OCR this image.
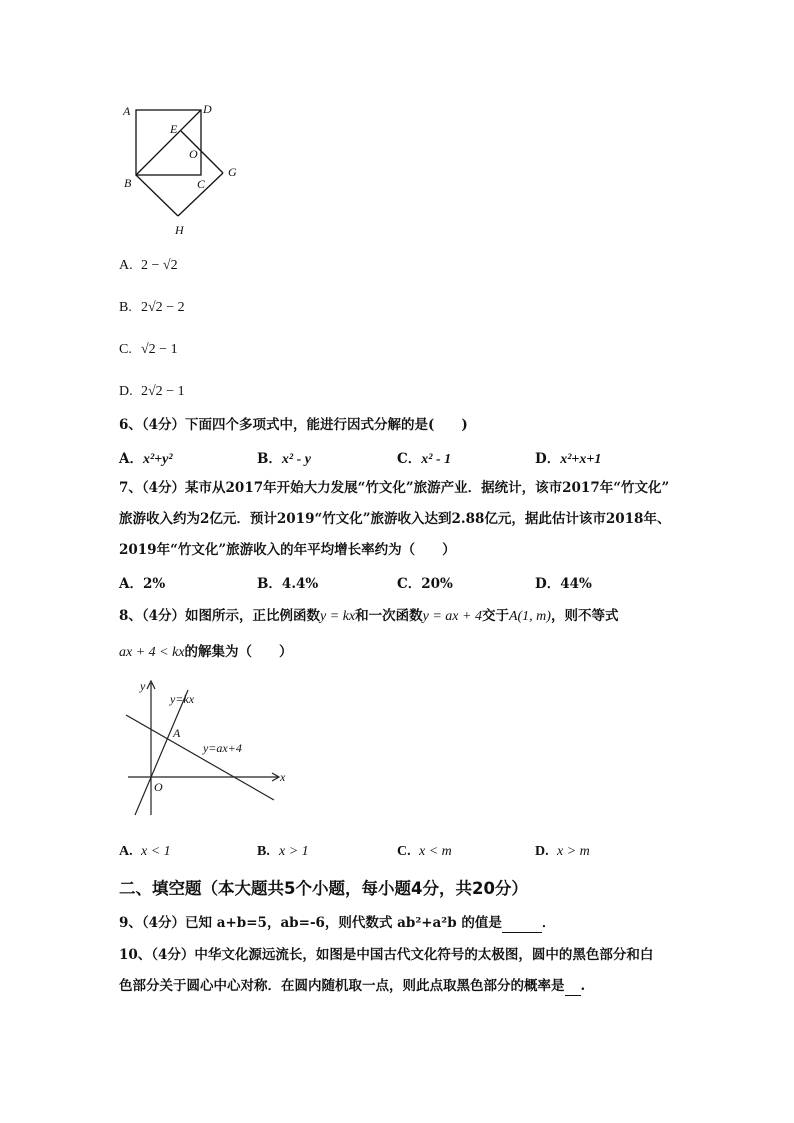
A	D
E
O
B	C
G
H
A. 2 − √2
B. 2√2 − 2
C. √2 − 1
D. 2√2 − 1
6、（4分）下面四个多项式中，能进行因式分解的是(　　)
A．x²+y²	B．x² - y	C．x² - 1	D．x²+x+1
7、（4分）某市从2017年开始大力发展“竹文化”旅游产业．据统计，该市2017年“竹文化”
旅游收入约为2亿元．预计2019“竹文化”旅游收入达到2.88亿元，据此估计该市2018年、
2019年“竹文化”旅游收入的年平均增长率约为（　　）
A．2%	B．4.4%	C．20%	D．44%
8、（4分）如图所示，正比例函数y = kx和一次函数y = ax + 4交于A(1, m)，则不等式
ax + 4 < kx的解集为（　　）
y
x
O
A
y=kx
y=ax+4
A. x < 1	B. x > 1	C. x < m	D. x > m
二、填空题（本大题共5个小题，每小题4分，共20分）
9、（4分）已知 a+b=5，ab=-6，则代数式 ab²+a²b 的值是	．
10、（4分）中华文化源远流长，如图是中国古代文化符号的太极图，圆中的黑色部分和白
色部分关于圆心中心对称．在圆内随机取一点，则此点取黑色部分的概率是 .
